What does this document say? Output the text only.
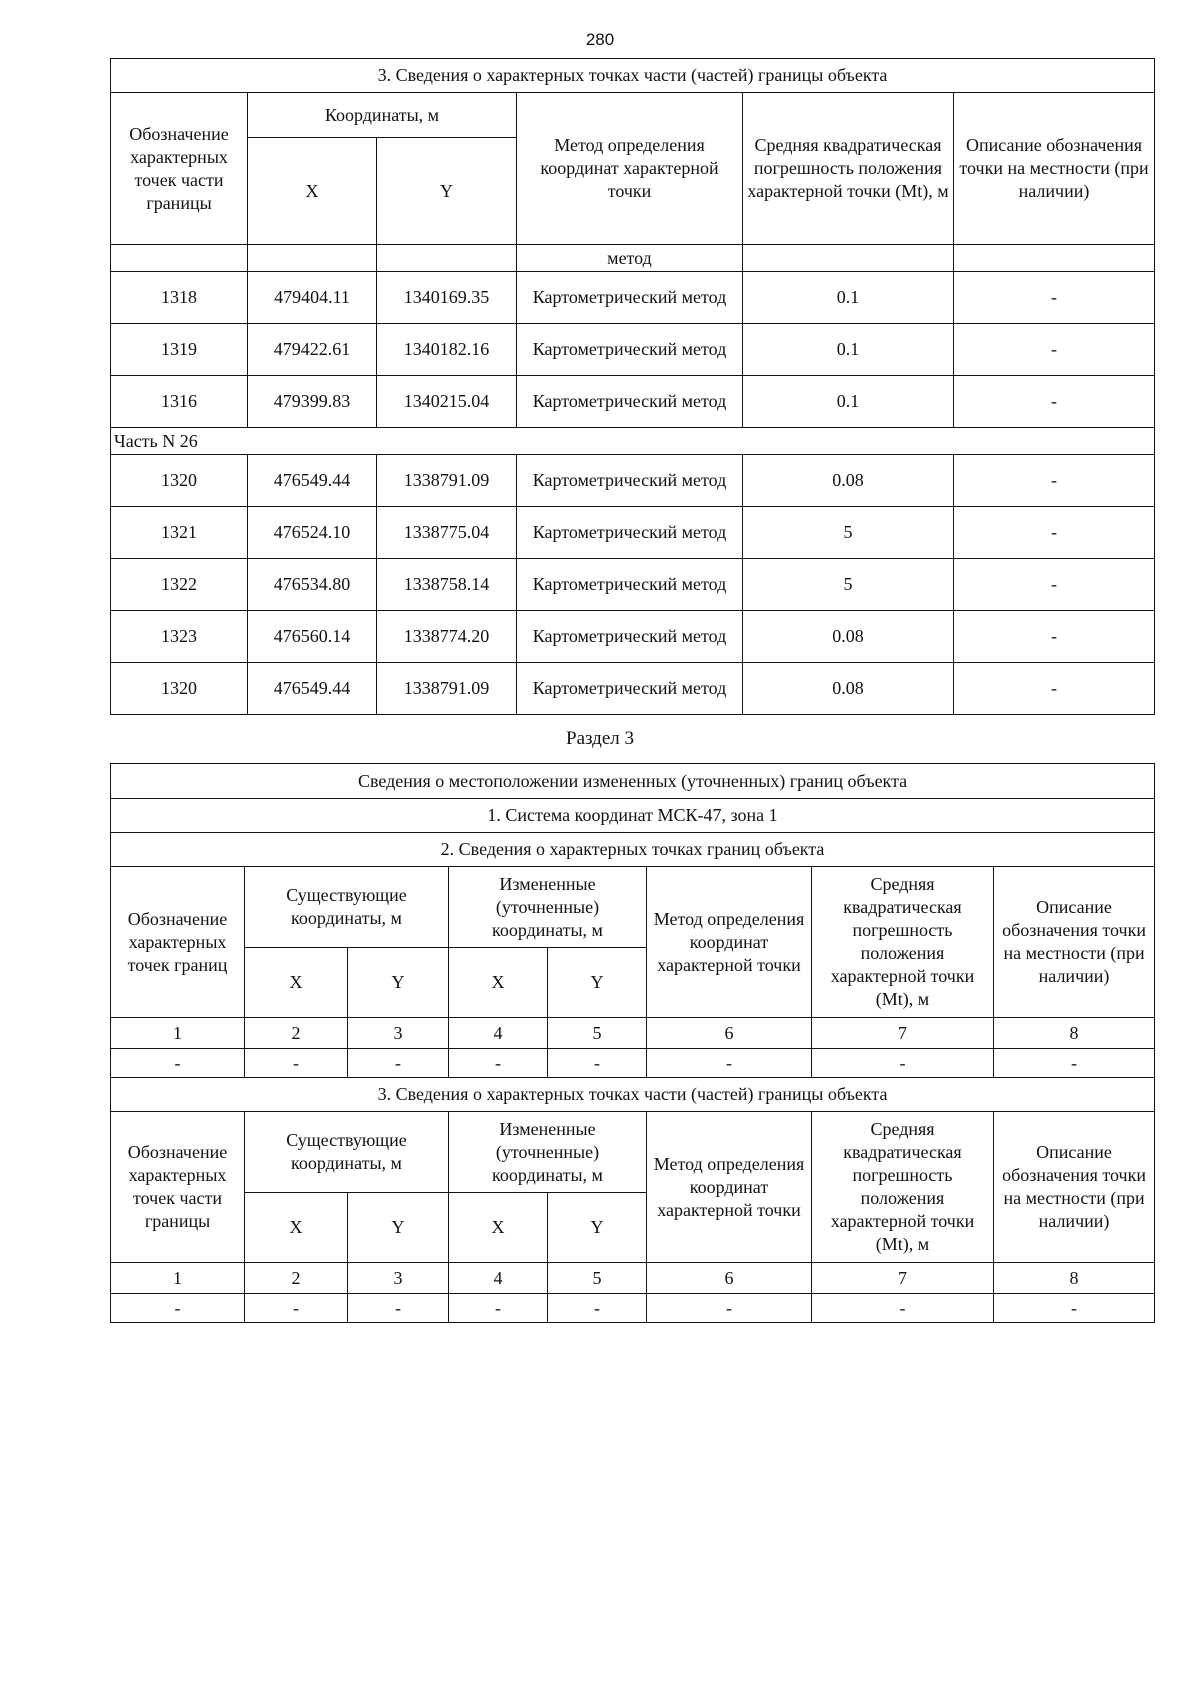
280
3. Сведения о характерных точках части (частей) границы объекта					
Обозначение характерных точек части границы	Координаты, м		Метод определения координат характерной точки	Средняя квадратическая погрешность положения характерной точки (Mt), м	Описание обозначения точки на местности (при наличии)
	X	Y			
			метод		
1318	479404.11	1340169.35	Картометрический метод	0.1	-
1319	479422.61	1340182.16	Картометрический метод	0.1	-
1316	479399.83	1340215.04	Картометрический метод	0.1	-
Часть N 26					
1320	476549.44	1338791.09	Картометрический метод	0.08	-
1321	476524.10	1338775.04	Картометрический метод	5	-
1322	476534.80	1338758.14	Картометрический метод	5	-
1323	476560.14	1338774.20	Картометрический метод	0.08	-
1320	476549.44	1338791.09	Картометрический метод	0.08	-
Раздел 3
Сведения о местоположении измененных (уточненных) границ объекта							
1. Система координат МСК-47, зона 1							
2. Сведения о характерных точках границ объекта							
Обозначение характерных точек границ	Существующие координаты, м		Измененные (уточненные) координаты, м		Метод определения координат характерной точки	Средняя квадратическая погрешность положения характерной точки (Mt), м	Описание обозначения точки на местности (при наличии)
	X	Y	X	Y			
1	2	3	4	5	6	7	8
-	-	-	-	-	-	-	-
3. Сведения о характерных точках части (частей) границы объекта							
Обозначение характерных точек части границы	Существующие координаты, м		Измененные (уточненные) координаты, м		Метод определения координат характерной точки	Средняя квадратическая погрешность положения характерной точки (Mt), м	Описание обозначения точки на местности (при наличии)
	X	Y	X	Y			
1	2	3	4	5	6	7	8
-	-	-	-	-	-	-	-
